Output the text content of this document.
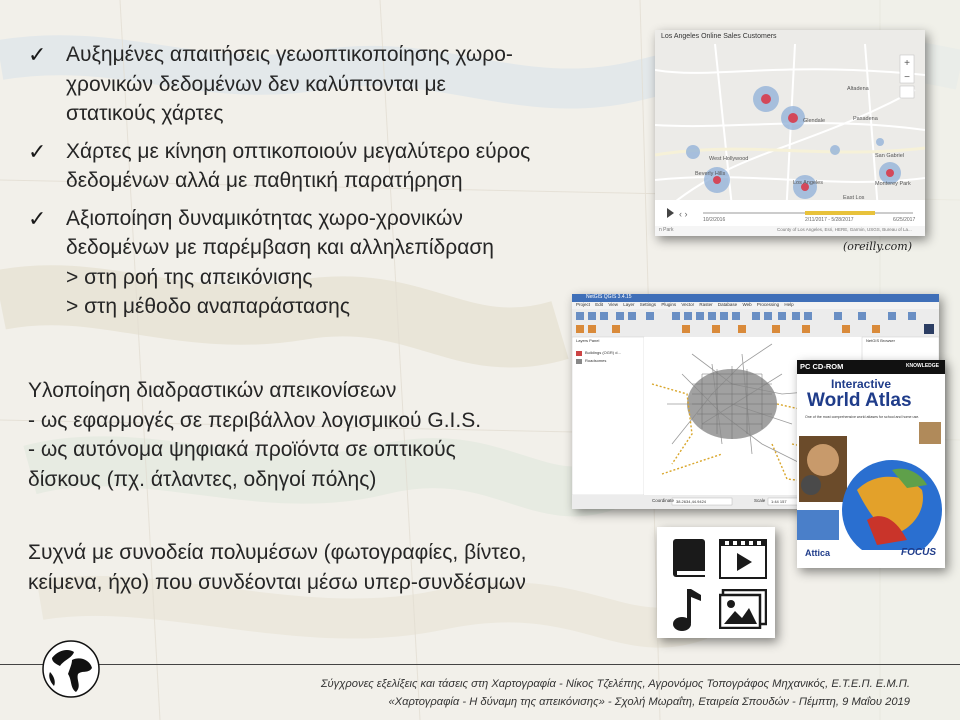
✓ Αυξημένες απαιτήσεις γεωοπτικοποίησης χωρο-
χρονικών δεδομένων δεν καλύπτονται με
στατικούς χάρτες
✓ Χάρτες με κίνηση οπτικοποιούν μεγαλύτερο εύρος
δεδομένων αλλά με παθητική παρατήρηση
✓ Αξιοποίηση δυναμικότητας χωρο-χρονικών
δεδομένων με παρέμβαση και αλληλεπίδραση
> στη ροή της απεικόνισης
> στη μέθοδο αναπαράστασης
Υλοποίηση διαδραστικών απεικονίσεων
- ως εφαρμογές σε περιβάλλον λογισμικού G.I.S.
- ως αυτόνομα ψηφιακά προϊόντα σε οπτικούς
δίσκους (πχ. άτλαντες, οδηγοί πόλης)
Συχνά με συνοδεία πολυμέσων (φωτογραφίες, βίντεο,
κείμενα, ήχο) που συνδέονται μέσω υπερ-συνδέσμων
+
−
‹ ›
Los Angeles Online Sales Customers
Altadena
Pasadena
West Hollywood
Beverly Hills
San Gabriel
Los Angeles	Monterey Park
East Los
Glendale
10/2/2016	2/11/2017 - 5/28/2017	6/25/2017
n Park	County of Los Angeles, Esri, HERE, Garmin, USGS, Bureau of La...
(oreilly.com)
NetGIS QGIS 3.4.15
Project Edit View Layer Settings Plugins Vector Raster Database Web Processing Help
Layers Panel
Buildings (OGR) d...
Roadsomes
NetGIS Browser
Coordinate 38.2634,44.9424	Scale 1:44 157
PC CD-ROM	KNOWLEDGE
Interactive
World Atlas
One of the most comprehensive world atlases for school and home use.
Attica	FOCUS
Σύγχρονες εξελίξεις και τάσεις στη Χαρτογραφία - Νίκος Τζελέπης, Αγρονόμος Τοπογράφος Μηχανικός, Ε.Τ.Ε.Π. Ε.Μ.Π.
«Χαρτογραφία - Η δύναμη της απεικόνισης» - Σχολή Μωραΐτη, Εταιρεία Σπουδών - Πέμπτη, 9 Μαΐου 2019
